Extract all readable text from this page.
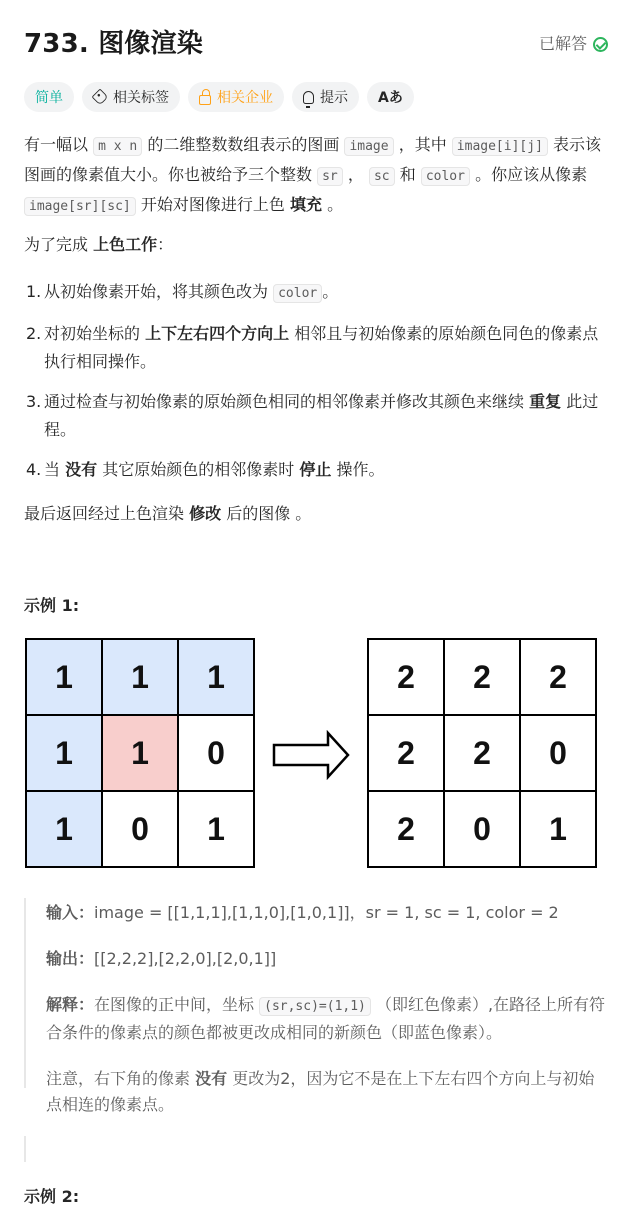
733. 图像渲染	已解答
简单	相关标签	相关企业	提示 Aあ
有一幅以 m x n 的二维整数数组表示的图画 image ，其中 image[i][j] 表示该图画的像素值大小。你也被给予三个整数 sr ， sc 和 color 。你应该从像素 image[sr][sc] 开始对图像进行上色 填充 。
为了完成 上色工作：
1. 从初始像素开始，将其颜色改为 color 。
2. 对初始坐标的 上下左右四个方向上 相邻且与初始像素的原始颜色同色的像素点执行相同操作。
3. 通过检查与初始像素的原始颜色相同的相邻像素并修改其颜色来继续 重复 此过程。
4. 当 没有 其它原始颜色的相邻像素时 停止 操作。
最后返回经过上色渲染 修改 后的图像 。
示例 1:
1	1	1
1	1	0
1	0	1
2	2	2
2	2	0
2	0	1
输入：image = [[1,1,1],[1,1,0],[1,0,1]]，sr = 1, sc = 1, color = 2
输出：[[2,2,2],[2,2,0],[2,0,1]]
解释：在图像的正中间，坐标 (sr,sc)=(1,1) （即红色像素）,在路径上所有符合条件的像素点的颜色都被更改成相同的新颜色（即蓝色像素）。
注意，右下角的像素 没有 更改为2，因为它不是在上下左右四个方向上与初始点相连的像素点。
示例 2:
